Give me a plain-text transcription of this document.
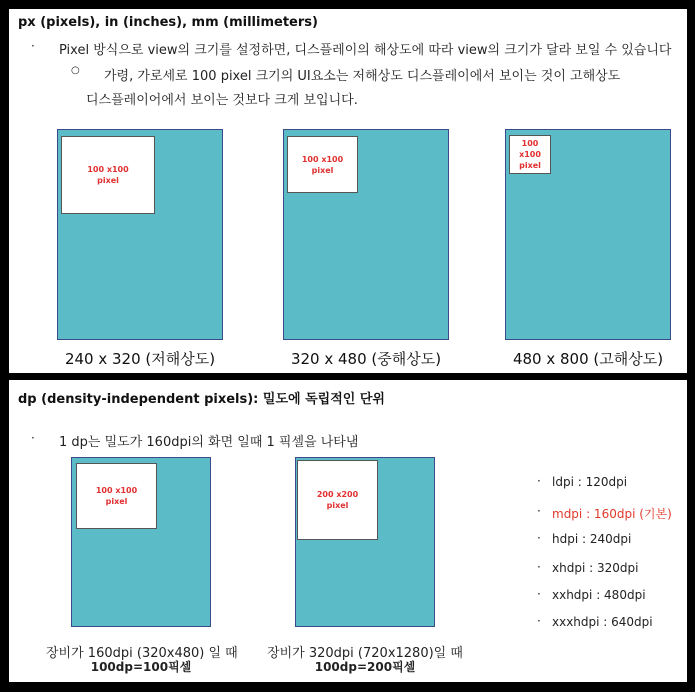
px (pixels), in (inches), mm (millimeters)
· Pixel 방식으로 view의 크기를 설정하면, 디스플레이의 해상도에 따라 view의 크기가 달라 보일 수 있습니다
○ 가령, 가로세로 100 pixel 크기의 UI요소는 저해상도 디스플레이에서 보이는 것이 고해상도
디스플레이어에서 보이는 것보다 크게 보입니다.
100 x100
pixel
240 x 320 (저해상도)
100 x100
pixel
320 x 480 (중해상도)
100
x100
pixel
480 x 800 (고해상도)
dp (density-independent pixels): 밀도에 독립적인 단위
· 1 dp는 밀도가 160dpi의 화면 일때 1 픽셀을 나타냄
100 x100
pixel
장비가 160dpi (320x480) 일 때
100dp=100픽셀
200 x200
pixel
장비가 320dpi (720x1280)일 때
100dp=200픽셀
· ldpi : 120dpi
· mdpi : 160dpi (기본)
· hdpi : 240dpi
· xhdpi : 320dpi
· xxhdpi : 480dpi
· xxxhdpi : 640dpi
